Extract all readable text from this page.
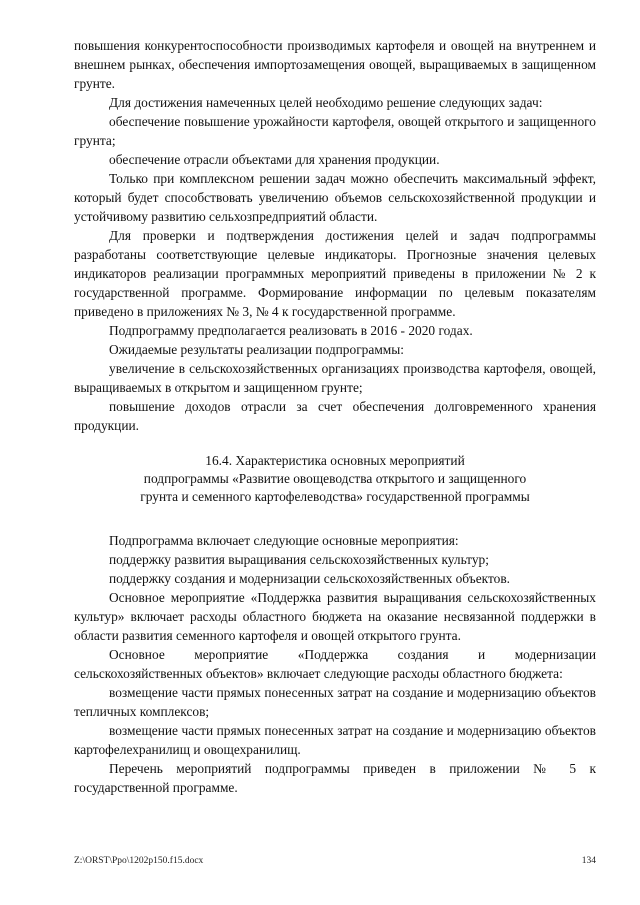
повышения конкурентоспособности производимых картофеля и овощей на внутреннем и внешнем рынках, обеспечения импортозамещения овощей, выращиваемых в защищенном грунте.

Для достижения намеченных целей необходимо решение следующих задач:

обеспечение повышение урожайности картофеля, овощей открытого и защищенного грунта;

обеспечение отрасли объектами для хранения продукции.

Только при комплексном решении задач можно обеспечить максимальный эффект, который будет способствовать увеличению объемов сельскохозяйственной продукции и устойчивому развитию сельхозпредприятий области.

Для проверки и подтверждения достижения целей и задач подпрограммы разработаны соответствующие целевые индикаторы. Прогнозные значения целевых индикаторов реализации программных мероприятий приведены в приложении № 2 к государственной программе. Формирование информации по целевым показателям приведено в приложениях № 3, № 4 к государственной программе.

Подпрограмму предполагается реализовать в 2016 - 2020 годах.

Ожидаемые результаты реализации подпрограммы:

увеличение в сельскохозяйственных организациях производства картофеля, овощей, выращиваемых в открытом и защищенном грунте;

повышение доходов отрасли за счет обеспечения долговременного хранения продукции.

16.4. Характеристика основных мероприятий
подпрограммы «Развитие овощеводства открытого и защищенного
грунта и семенного картофелеводства» государственной программы

Подпрограмма включает следующие основные мероприятия:

поддержку развития выращивания сельскохозяйственных культур;

поддержку создания и модернизации сельскохозяйственных объектов.

Основное мероприятие «Поддержка развития выращивания сельскохозяйственных культур» включает расходы областного бюджета на оказание несвязанной поддержки в области развития семенного картофеля и овощей открытого грунта.

Основное мероприятие «Поддержка создания и модернизации сельскохозяйственных объектов» включает следующие расходы областного бюджета:

возмещение части прямых понесенных затрат на создание и модернизацию объектов тепличных комплексов;

возмещение части прямых понесенных затрат на создание и модернизацию объектов картофелехранилищ и овощехранилищ.

Перечень мероприятий подпрограммы приведен в приложении № 5 к государственной программе.

Z:\ORST\Ppo\1202p150.f15.docx	134
